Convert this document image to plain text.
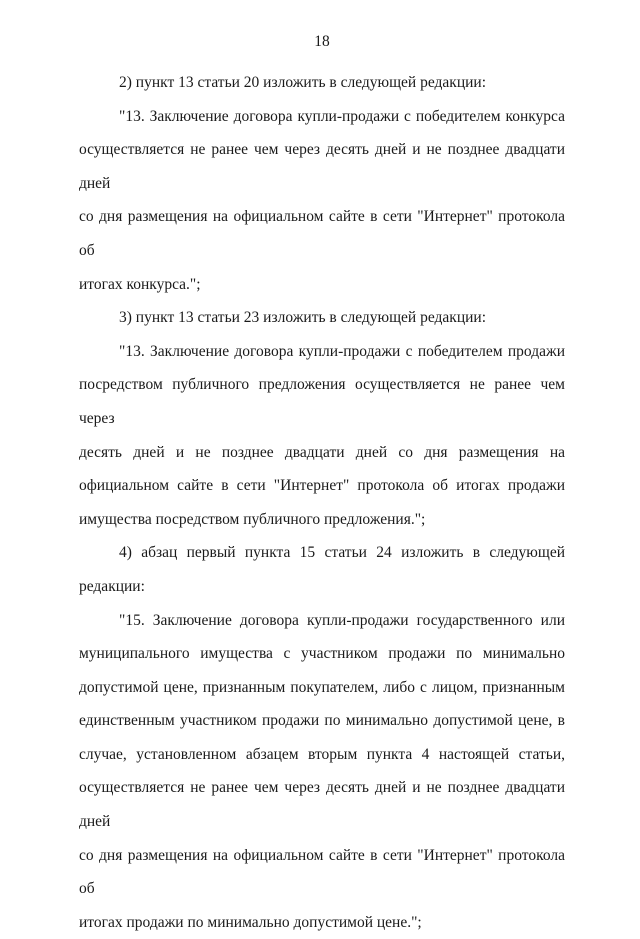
18
2) пункт 13 статьи 20 изложить в следующей редакции:
"13. Заключение договора купли-продажи с победителем конкурса
осуществляется не ранее чем через десять дней и не позднее двадцати дней
со дня размещения на официальном сайте в сети "Интернет" протокола об
итогах конкурса.";
3) пункт 13 статьи 23 изложить в следующей редакции:
"13. Заключение договора купли-продажи с победителем продажи
посредством публичного предложения осуществляется не ранее чем через
десять дней и не позднее двадцати дней со дня размещения на
официальном сайте в сети "Интернет" протокола об итогах продажи
имущества посредством публичного предложения.";
4) абзац первый пункта 15 статьи 24 изложить в следующей
редакции:
"15. Заключение договора купли-продажи государственного или
муниципального имущества с участником продажи по минимально
допустимой цене, признанным покупателем, либо с лицом, признанным
единственным участником продажи по минимально допустимой цене, в
случае, установленном абзацем вторым пункта 4 настоящей статьи,
осуществляется не ранее чем через десять дней и не позднее двадцати дней
со дня размещения на официальном сайте в сети "Интернет" протокола об
итогах продажи по минимально допустимой цене.";
